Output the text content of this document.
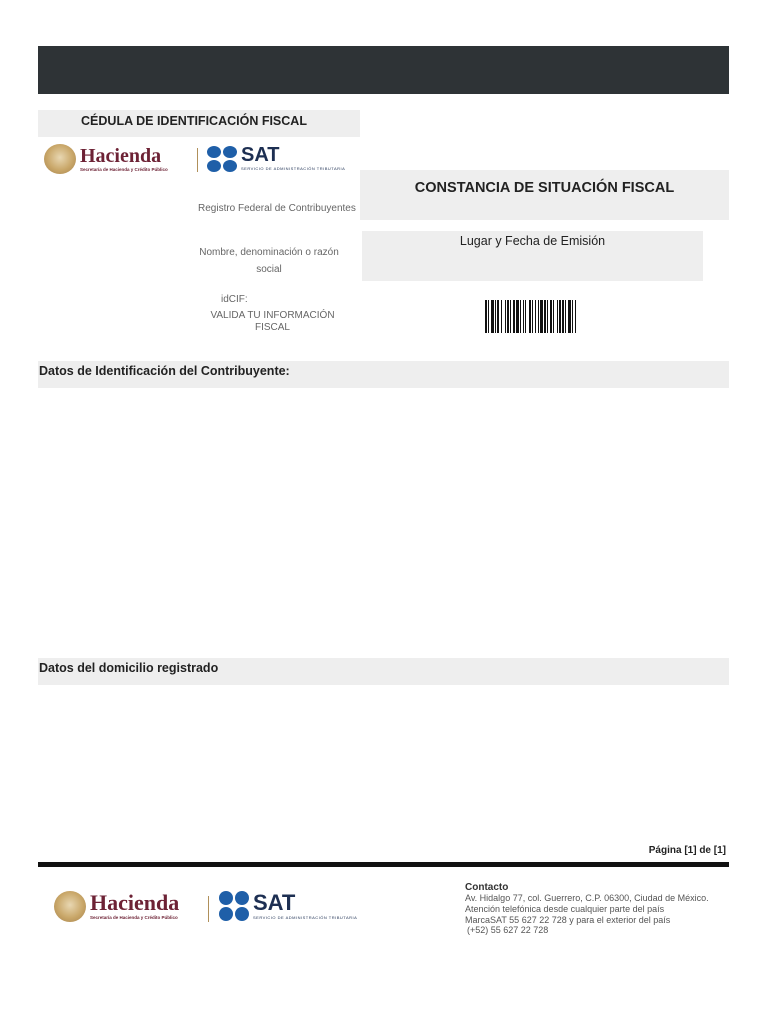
CÉDULA DE IDENTIFICACIÓN FISCAL
Hacienda
Secretaría de Hacienda y Crédito Público
SAT
SERVICIO DE ADMINISTRACIÓN TRIBUTARIA
CONSTANCIA DE SITUACIÓN FISCAL
Registro Federal de Contribuyentes
Nombre, denominación o razón social
Lugar y Fecha de Emisión
idCIF:
VALIDA TU INFORMACIÓN FISCAL
Datos de Identificación del Contribuyente:
Datos del domicilio registrado
Página [1] de [1]
Hacienda
Secretaría de Hacienda y Crédito Público
SAT
SERVICIO DE ADMINISTRACIÓN TRIBUTARIA
Contacto
Av. Hidalgo 77, col. Guerrero, C.P. 06300, Ciudad de México.
Atención telefónica desde cualquier parte del país
MarcaSAT 55 627 22 728 y para el exterior del país
(+52) 55 627 22 728
